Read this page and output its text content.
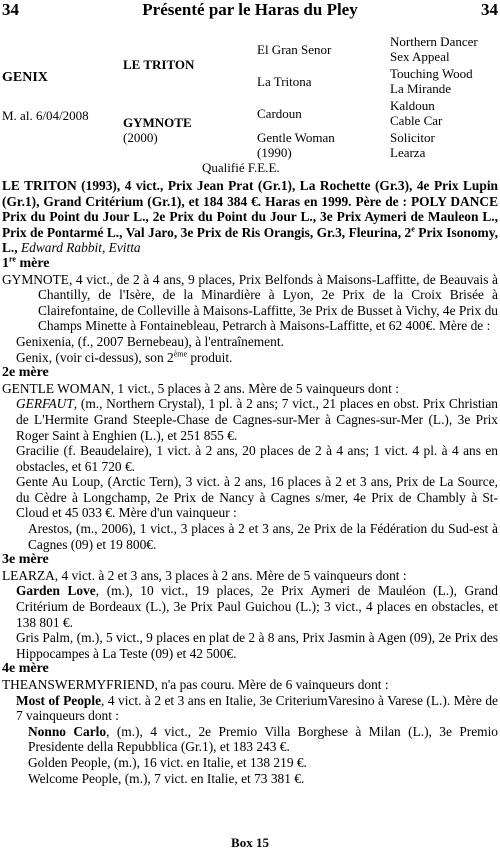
34	Présenté par le Haras du Pley	34
GENIX
M. al. 6/04/2008
LE TRITON
GYMNOTE
(2000)
El Gran Senor
La Tritona
Cardoun
Gentle Woman
(1990)
Northern Dancer
Sex Appeal
Touching Wood
La Mirande
Kaldoun
Cable Car
Solicitor
Learza
Qualifié F.E.E.

LE TRITON (1993), 4 vict., Prix Jean Prat (Gr.1), La Rochette (Gr.3), 4e Prix Lupin (Gr.1), Grand Critérium (Gr.1), et 184 384 €. Haras en 1999. Père de : POLY DANCE Prix du Point du Jour L., 2e Prix du Point du Jour L., 3e Prix Aymeri de Mauleon L., Prix de Pontarmé L., Val Jaro, 3e Prix de Ris Orangis, Gr.3, Fleurina, 2e Prix Isonomy, L., Edward Rabbit, Evitta

1re mère

GYMNOTE, 4 vict., de 2 à 4 ans, 9 places, Prix Belfonds à Maisons-Laffitte, de Beauvais à Chantilly, de l'Isère, de la Minardière à Lyon, 2e Prix de la Croix Brisée à Clairefontaine, de Colleville à Maisons-Laffitte, 3e Prix de Busset à Vichy, 4e Prix du Champs Minette à Fontainebleau, Petrarch à Maisons-Laffitte, et 62 400€. Mère de :

Genixenia, (f., 2007 Bernebeau), à l'entraînement.

Genix, (voir ci-dessus), son 2ème produit.

2e mère

GENTLE WOMAN, 1 vict., 5 places à 2 ans. Mère de 5 vainqueurs dont :

GERFAUT, (m., Northern Crystal), 1 pl. à 2 ans; 7 vict., 21 places en obst. Prix Christian de L'Hermite Grand Steeple-Chase de Cagnes-sur-Mer à Cagnes-sur-Mer (L.), 3e Prix Roger Saint à Enghien (L.), et 251 855 €.

Gracilie (f. Beaudelaire), 1 vict. à 2 ans, 20 places de 2 à 4 ans; 1 vict. 4 pl. à 4 ans en obstacles, et 61 720 €.

Gente Au Loup, (Arctic Tern), 3 vict. à 2 ans, 16 places à 2 et 3 ans, Prix de La Source, du Cèdre à Longchamp, 2e Prix de Nancy à Cagnes s/mer, 4e Prix de Chambly à St-Cloud et 45 033 €. Mère d'un vainqueur :

Arestos, (m., 2006), 1 vict., 3 places à 2 et 3 ans, 2e Prix de la Fédération du Sud-est à Cagnes (09) et 19 800€.

3e mère

LEARZA, 4 vict. à 2 et 3 ans, 3 places à 2 ans. Mère de 5 vainqueurs dont :

Garden Love, (m.), 10 vict., 19 places, 2e Prix Aymeri de Mauléon (L.), Grand Critérium de Bordeaux (L.), 3e Prix Paul Guichou (L.); 3 vict., 4 places en obstacles, et 138 801 €.

Gris Palm, (m.), 5 vict., 9 places en plat de 2 à 8 ans, Prix Jasmin à Agen (09), 2e Prix des Hippocampes à La Teste (09) et 42 500€.

4e mère

THEANSWERMYFRIEND, n'a pas couru. Mère de 6 vainqueurs dont :

Most of People, 4 vict. à 2 et 3 ans en Italie, 3e CriteriumVaresino à Varese (L.). Mère de 7 vainqueurs dont :

Nonno Carlo, (m.), 4 vict., 2e Premio Villa Borghese à Milan (L.), 3e Premio Presidente della Repubblica (Gr.1), et 183 243 €.

Golden People, (m.), 16 vict. en Italie, et 138 219 €.

Welcome People, (m.), 7 vict. en Italie, et 73 381 €.

Box 15
